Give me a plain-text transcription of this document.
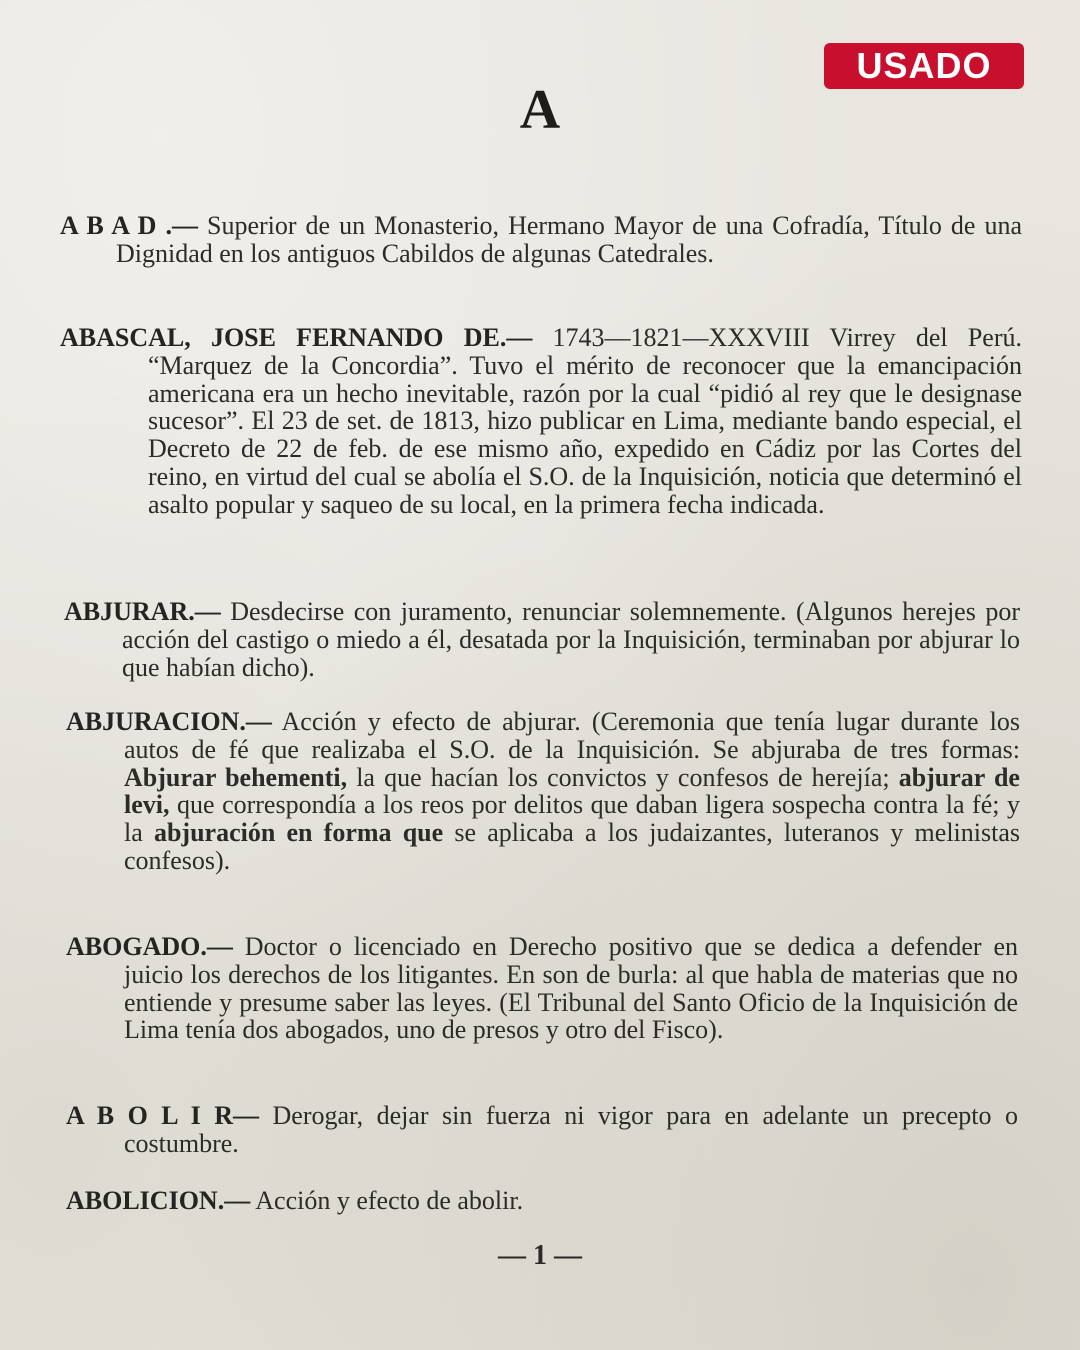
USADO
A
A B A D .— Superior de un Monasterio, Hermano Mayor de una Cofradía, Título de una Dignidad en los antiguos Cabildos de algunas Catedrales.
ABASCAL, JOSE FERNANDO DE.— 1743—1821—XXXVIII Virrey del Perú. “Marquez de la Concordia”. Tuvo el mérito de reconocer que la emancipación americana era un hecho inevitable, razón por la cual “pidió al rey que le designase sucesor”. El 23 de set. de 1813, hizo publicar en Lima, mediante bando especial, el Decreto de 22 de feb. de ese mismo año, expedido en Cádiz por las Cortes del reino, en virtud del cual se abolía el S.O. de la Inquisición, noticia que determinó el asalto popular y saqueo de su local, en la primera fecha indicada.
ABJURAR.— Desdecirse con juramento, renunciar solemnemente. (Algunos herejes por acción del castigo o miedo a él, desatada por la Inquisición, terminaban por abjurar lo que habían dicho).
ABJURACION.— Acción y efecto de abjurar. (Ceremonia que tenía lugar durante los autos de fé que realizaba el S.O. de la Inquisición. Se abjuraba de tres formas: Abjurar behementi, la que hacían los convictos y confesos de herejía; abjurar de levi, que correspondía a los reos por delitos que daban ligera sospecha contra la fé; y la abjuración en forma que se aplicaba a los judaizantes, luteranos y melinistas confesos).
ABOGADO.— Doctor o licenciado en Derecho positivo que se dedica a defender en juicio los derechos de los litigantes. En son de burla: al que habla de materias que no entiende y presume saber las leyes. (El Tribunal del Santo Oficio de la Inquisición de Lima tenía dos abogados, uno de presos y otro del Fisco).
A B O L I R— Derogar, dejar sin fuerza ni vigor para en adelante un precepto o costumbre.
ABOLICION.— Acción y efecto de abolir.
— 1 —
